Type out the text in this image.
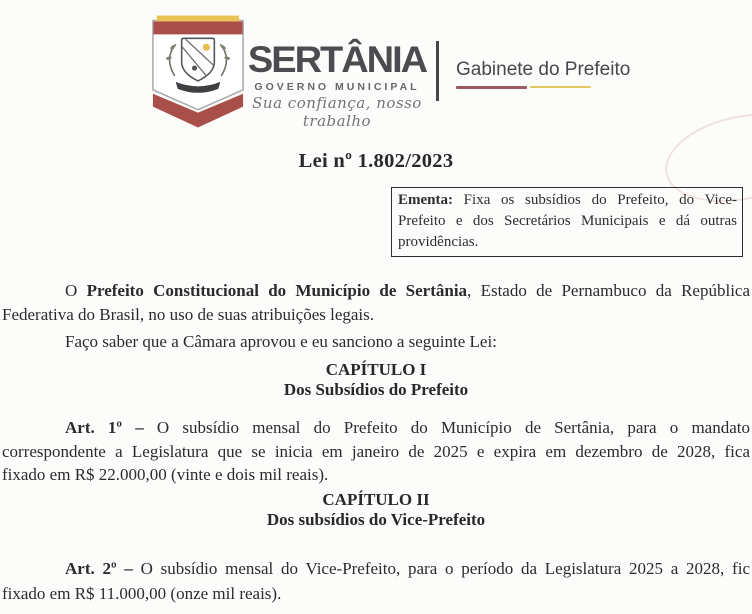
SERTÂNIA
GOVERNO MUNICIPAL
Sua confiança, nosso trabalho
Gabinete do Prefeito
Lei nº 1.802/2023
Ementa: Fixa os subsídios do Prefeito, do Vice-
Prefeito e dos Secretários Municipais e dá outras
providências.
O Prefeito Constitucional do Município de Sertânia, Estado de Pernambuco da República
Federativa do Brasil, no uso de suas atribuições legais.
Faço saber que a Câmara aprovou e eu sanciono a seguinte Lei:
CAPÍTULO I
Dos Subsídios do Prefeito
Art. 1º – O subsídio mensal do Prefeito do Município de Sertânia, para o mandato
correspondente a Legislatura que se inicia em janeiro de 2025 e expira em dezembro de 2028, fica
fixado em R$ 22.000,00 (vinte e dois mil reais).
CAPÍTULO II
Dos subsídios do Vice-Prefeito
Art. 2º – O subsídio mensal do Vice-Prefeito, para o período da Legislatura 2025 a 2028, fic
fixado em R$ 11.000,00 (onze mil reais).
